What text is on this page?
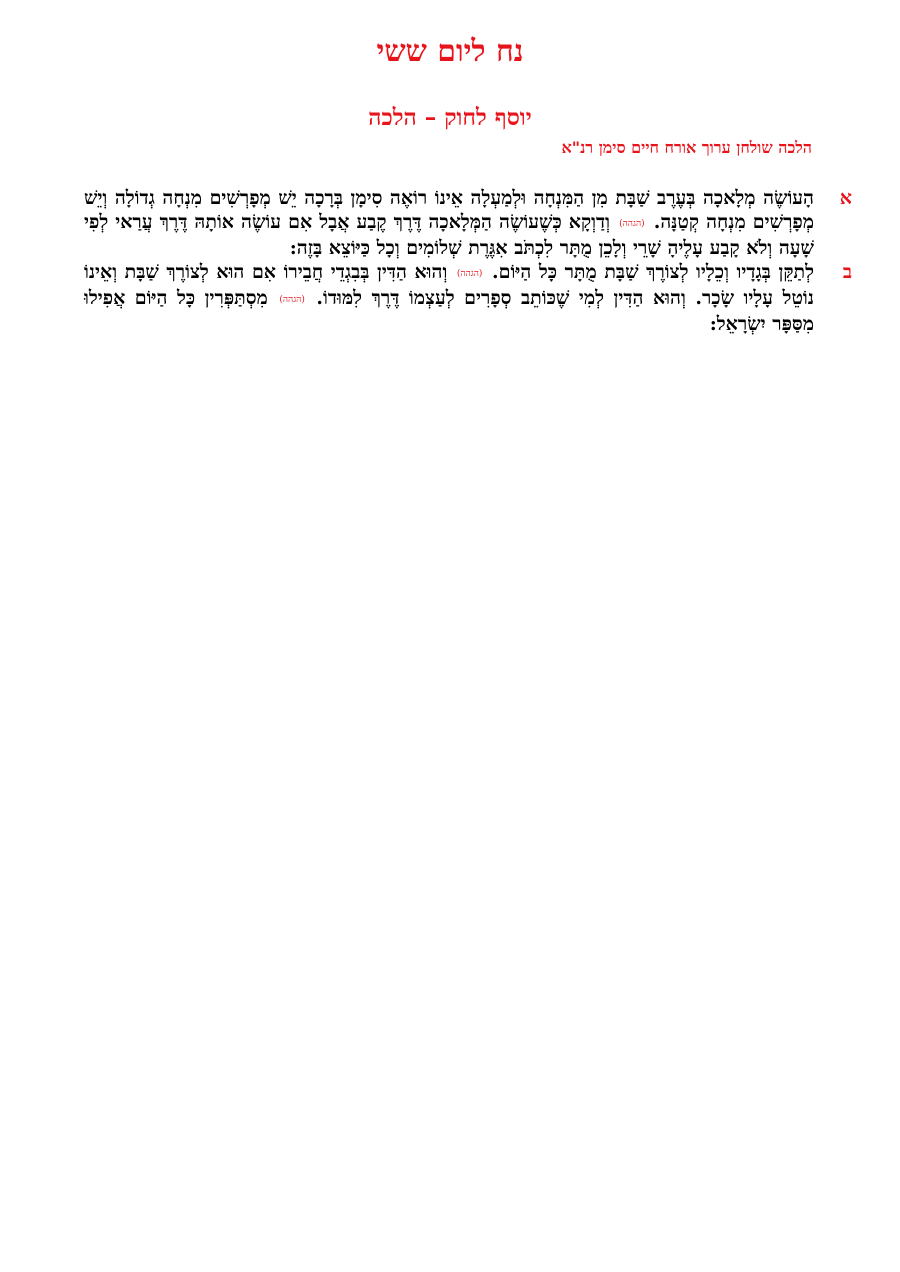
נח ליום ששי
יוסף לחוק – הלכה

הלכה שולחן ערוך אורח חיים סימן רנ"א

א
הָעוֹשֶׂה מְלָאכָה בְּעֶרֶב שַׁבָּת מִן הַמִּנְחָה וּלְמַעְלָה אֵינוֹ רוֹאֶה סִימָן בְּרָכָה יֵשׁ מְפָרְשִׁים מִנְחָה גְדוֹלָה וְיֵשׁ מְפָרְשִׁים מִנְחָה קְטַנָּה. (הגהה) וְדַוְקָא כְּשֶׁעוֹשֶׂה הַמְּלָאכָה דֶּרֶךְ קֶבַע אֲבָל אִם עוֹשֶׂה אוֹתָהּ דֶּרֶךְ עֲרַאי לְפִי שָׁעָה וְלֹא קָבַע עָלֶיהָ שָׁרֵי וְלָכֵן מֻתָּר לִכְתֹּב אִגֶּרֶת שְׁלוֹמִים וְכָל כַּיּוֹצֵא בָּזֶה:
ב
לְתַקֵּן בְּגָדָיו וְכֵלָיו לְצוֹרֶךְ שַׁבָּת מֻתָּר כָּל הַיּוֹם. (הגהה) וְהוּא הַדִּין בְּבִגְדֵי חֲבֵירוֹ אִם הוּא לְצוֹרֶךְ שַׁבָּת וְאֵינוֹ נוֹטֵל עָלָיו שָׂכָר. וְהוּא הַדִּין לְמִי שֶׁכּוֹתֵב סְפָרִים לְעַצְמוֹ דֶּרֶךְ לִמּוּדוֹ. (הגהה) מִסְתַּפְּרִין כָּל הַיּוֹם אֲפִילוּ מִסַּפָּר יִשְׂרָאֵל:
